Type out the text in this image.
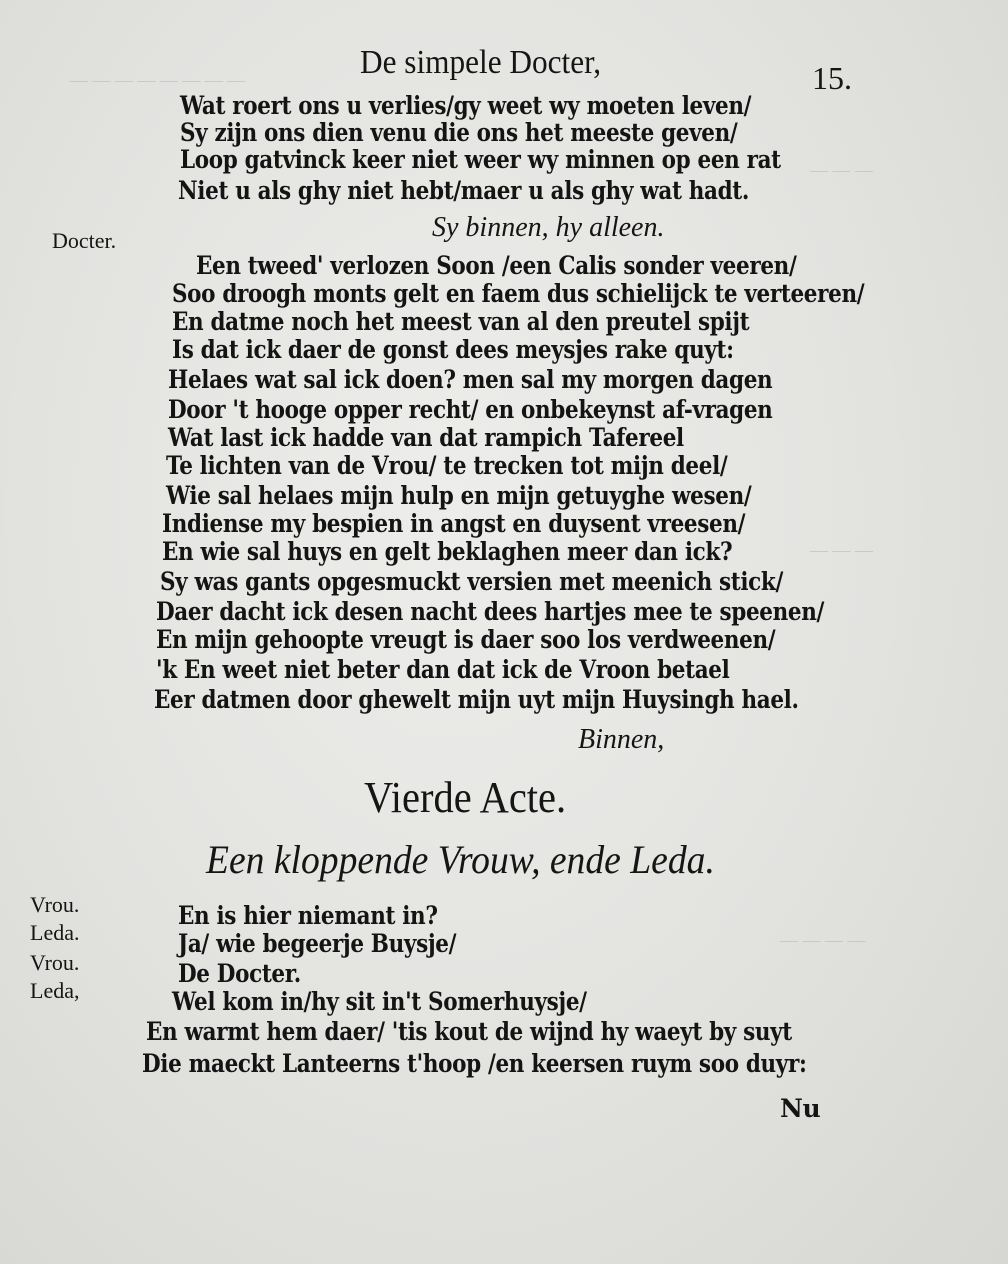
— — — — — — — —
— — —
— — —
— — — —
De simpele Docter,	15.
Wat roert ons u verlies/gy weet wy moeten leven/
Sy zijn ons dien venu die ons het meeste geven/
Loop gatvinck keer niet weer wy minnen op een rat
Niet u als ghy niet hebt/maer u als ghy wat hadt.
Sy binnen, hy alleen.
Docter.
Een tweed' verlozen Soon /een Calis sonder veeren/
Soo droogh monts gelt en faem dus schielijck te verteeren/
En datme noch het meest van al den preutel spijt
Is dat ick daer de gonst dees meysjes rake quyt:
Helaes wat sal ick doen? men sal my morgen dagen
Door 't hooge opper recht/ en onbekeynst af-vragen
Wat last ick hadde van dat rampich Tafereel
Te lichten van de Vrou/ te trecken tot mijn deel/
Wie sal helaes mijn hulp en mijn getuyghe wesen/
Indiense my bespien in angst en duysent vreesen/
En wie sal huys en gelt beklaghen meer dan ick?
Sy was gants opgesmuckt versien met meenich stick/
Daer dacht ick desen nacht dees hartjes mee te speenen/
En mijn gehoopte vreugt is daer soo los verdweenen/
'k En weet niet beter dan dat ick de Vroon betael
Eer datmen door ghewelt mijn uyt mijn Huysingh hael.
Binnen,
Vierde Acte.
Een kloppende Vrouw, ende Leda.
Vrou.	En is hier niemant in?
Leda.	Ja/ wie begeerje Buysje/
Vrou.	De Docter.
Leda,	Wel kom in/hy sit in't Somerhuysje/
En warmt hem daer/ 'tis kout de wijnd hy waeyt by suyt
Die maeckt Lanteerns t'hoop /en keersen ruym soo duyr:
Nu
